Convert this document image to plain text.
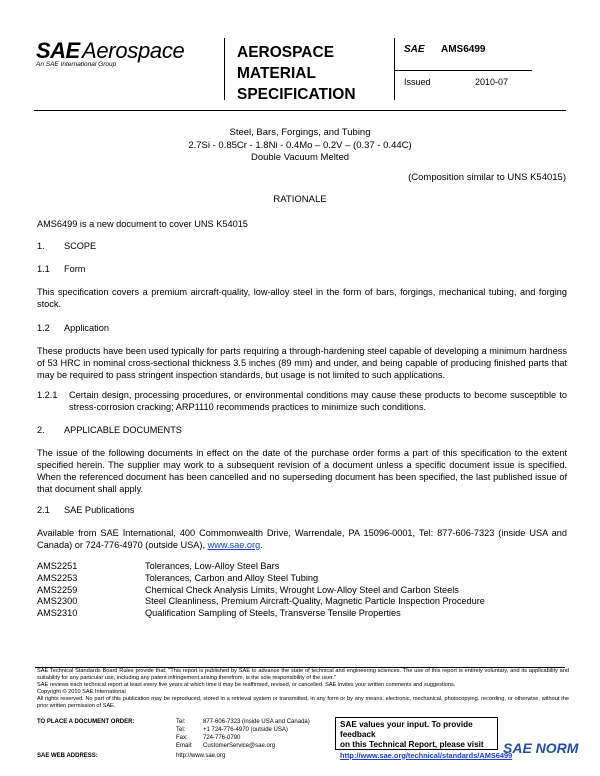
SAE Aerospace
An SAE International Group
AEROSPACE
MATERIAL
SPECIFICATION
SAE AMS6499
Issued	2010-07
Steel, Bars, Forgings, and Tubing
2.7Si - 0.85Cr - 1.8Ni - 0.4Mo – 0.2V – (0.37 - 0.44C)
Double Vacuum Melted
(Composition similar to UNS K54015)
RATIONALE
AMS6499 is a new document to cover UNS K54015
1. SCOPE
1.1 Form
This specification covers a premium aircraft-quality, low-alloy steel in the form of bars, forgings, mechanical tubing, and forging stock.
1.2 Application
These products have been used typically for parts requiring a through-hardening steel capable of developing a minimum hardness of 53 HRC in nominal cross-sectional thickness 3.5 inches (89 mm) and under, and being capable of producing finished parts that may be required to pass stringent inspection standards, but usage is not limited to such applications.
1.2.1 Certain design, processing procedures, or environmental conditions may cause these products to become susceptible to stress-corrosion cracking; ARP1110 recommends practices to minimize such conditions.
2. APPLICABLE DOCUMENTS
The issue of the following documents in effect on the date of the purchase order forms a part of this specification to the extent specified herein. The supplier may work to a subsequent revision of a document unless a specific document issue is specified. When the referenced document has been cancelled and no superseding document has been specified, the last published issue of that document shall apply.
2.1 SAE Publications
Available from SAE International, 400 Commonwealth Drive, Warrendale, PA 15096-0001, Tel: 877-606-7323 (inside USA and Canada) or 724-776-4970 (outside USA), www.sae.org.
AMS2251	Tolerances, Low-Alloy Steel Bars
AMS2253	Tolerances, Carbon and Alloy Steel Tubing
AMS2259	Chemical Check Analysis Limits, Wrought Low-Alloy Steel and Carbon Steels
AMS2300	Steel Cleanliness, Premium Aircraft-Quality, Magnetic Particle Inspection Procedure
AMS2310	Qualification Sampling of Steels, Transverse Tensile Properties
SAE Technical Standards Board Rules provide that: "This report is published by SAE to advance the state of technical and engineering sciences. The use of this report is entirely voluntary, and its applicability and suitability for any particular use, including any patent infringement arising therefrom, is the sole responsibility of the user."
SAE reviews each technical report at least every five years at which time it may be reaffirmed, revised, or cancelled. SAE invites your written comments and suggestions.
Copyright © 2010 SAE International
All rights reserved. No part of this publication may be reproduced, stored in a retrieval system or transmitted, in any form or by any means, electronic, mechanical, photocopying, recording, or otherwise, without the prior written permission of SAE.
TO PLACE A DOCUMENT ORDER:	Tel:	877-606-7323 (inside USA and Canada)
Tel:	+1 724-776-4970 (outside USA)
Fax:	724-776-0790
Email: CustomerService@sae.org
SAE WEB ADDRESS:	http://www.sae.org
SAE values your input. To provide feedback
on this Technical Report, please visit
http://www.sae.org/technical/standards/AMS6499
SAE NORM
